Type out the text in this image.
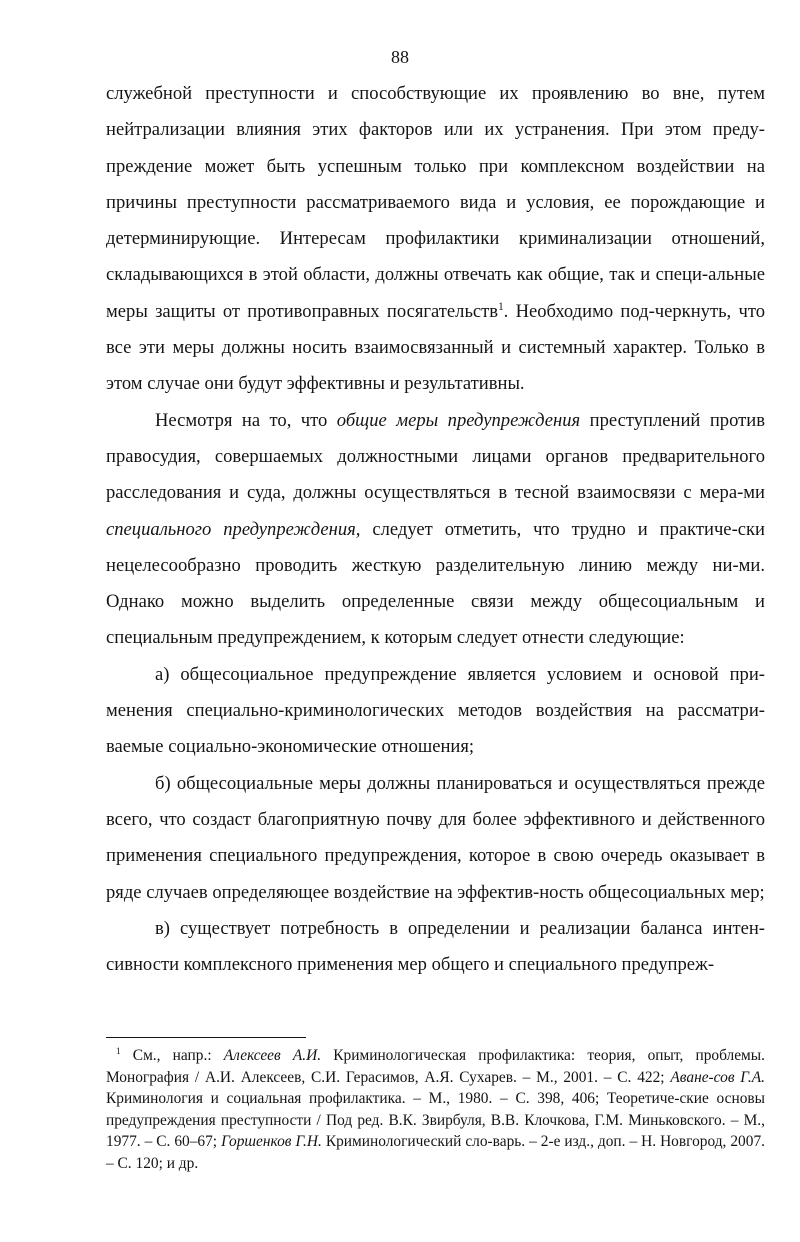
88

служебной преступности и способствующие их проявлению во вне, путем нейтрализации влияния этих факторов или их устранения. При этом преду-преждение может быть успешным только при комплексном воздействии на причины преступности рассматриваемого вида и условия, ее порождающие и детерминирующие. Интересам профилактики криминализации отношений, складывающихся в этой области, должны отвечать как общие, так и специ-альные меры защиты от противоправных посягательств$^1$. Необходимо под-черкнуть, что все эти меры должны носить взаимосвязанный и системный характер. Только в этом случае они будут эффективны и результативны.

Несмотря на то, что общие меры предупреждения преступлений против правосудия, совершаемых должностными лицами органов предварительного расследования и суда, должны осуществляться в тесной взаимосвязи с мера-ми специального предупреждения, следует отметить, что трудно и практиче-ски нецелесообразно проводить жесткую разделительную линию между ни-ми. Однако можно выделить определенные связи между общесоциальным и специальным предупреждением, к которым следует отнести следующие:

а) общесоциальное предупреждение является условием и основой при-менения специально-криминологических методов воздействия на рассматри-ваемые социально-экономические отношения;

б) общесоциальные меры должны планироваться и осуществляться прежде всего, что создаст благоприятную почву для более эффективного и действенного применения специального предупреждения, которое в свою очередь оказывает в ряде случаев определяющее воздействие на эффектив-ность общесоциальных мер;

в) существует потребность в определении и реализации баланса интен-сивности комплексного применения мер общего и специального предупреж-

$^1$ См., напр.: Алексеев А.И. Криминологическая профилактика: теория, опыт, проблемы. Монография / А.И. Алексеев, С.И. Герасимов, А.Я. Сухарев. – М., 2001. – С. 422; Аване-сов Г.А. Криминология и социальная профилактика. – М., 1980. – С. 398, 406; Теоретиче-ские основы предупреждения преступности / Под ред. В.К. Звирбуля, В.В. Клочкова, Г.М. Миньковского. – М., 1977. – С. 60–67; Горшенков Г.Н. Криминологический сло-варь. – 2-е изд., доп. – Н. Новгород, 2007. – С. 120; и др.
